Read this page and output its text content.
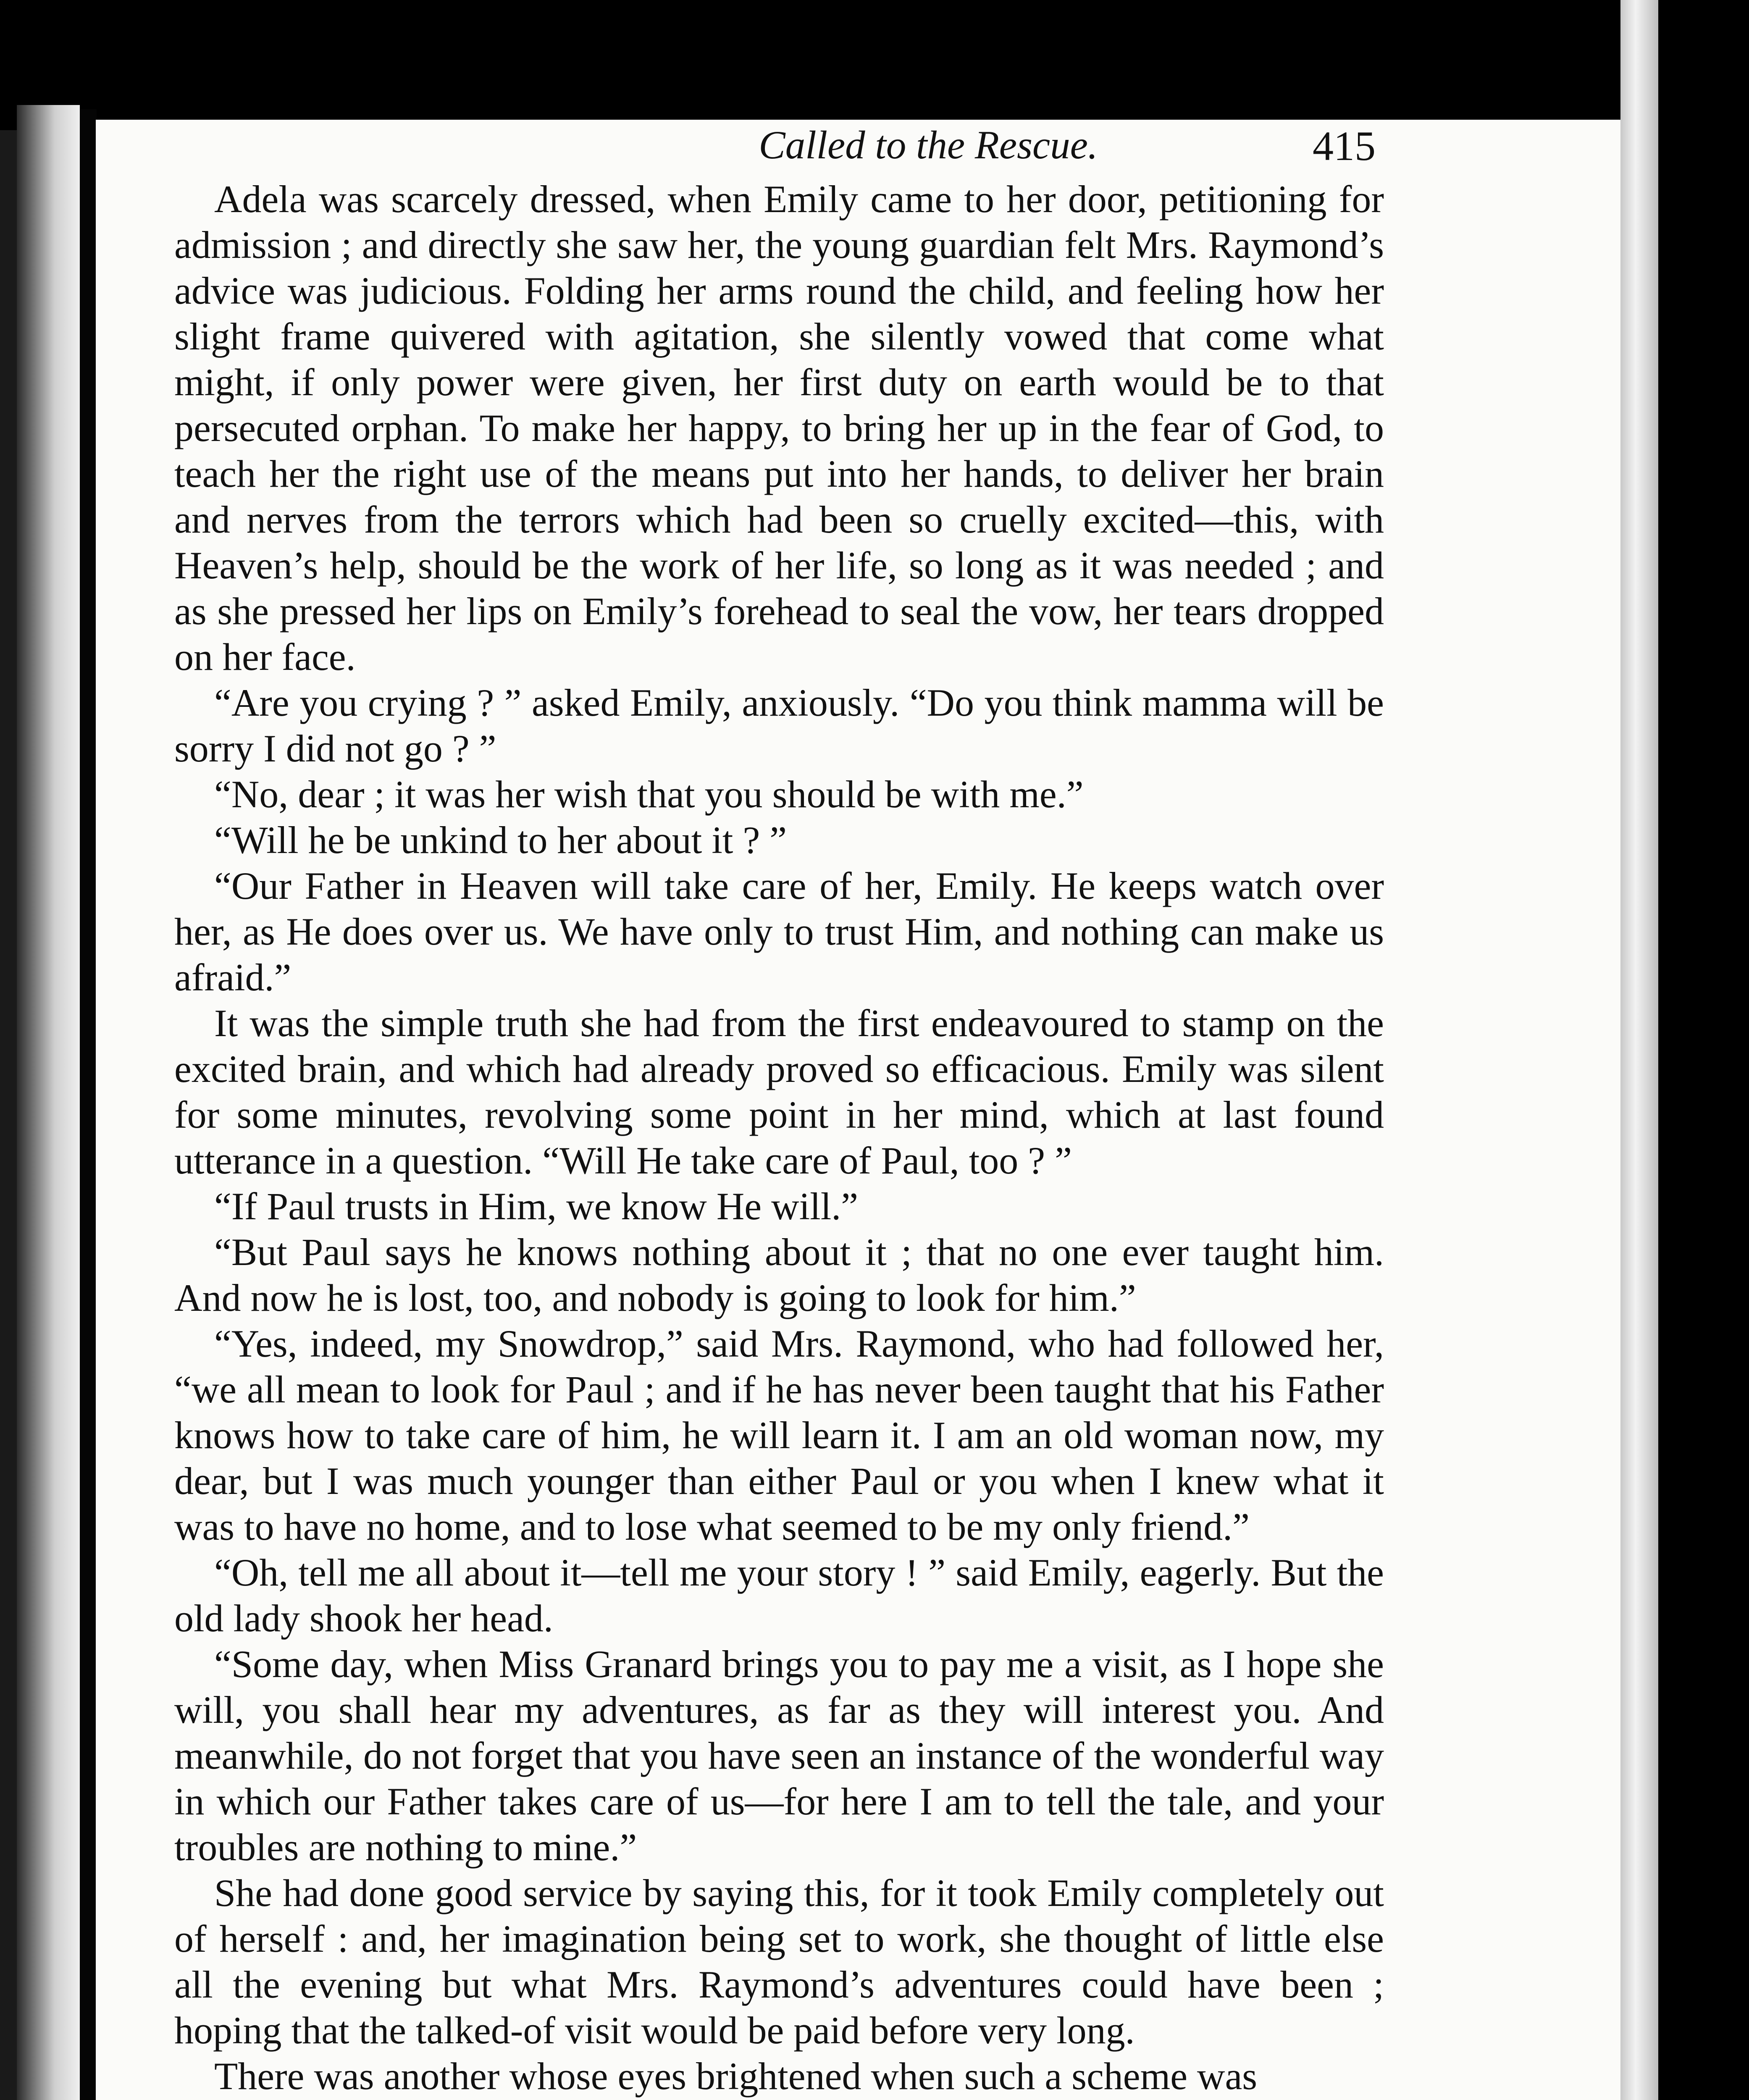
Called to the Rescue.	415

Adela was scarcely dressed, when Emily came to her door, petitioning for admission ; and directly she saw her, the young guardian felt Mrs. Raymond’s advice was judicious. Folding her arms round the child, and feeling how her slight frame quivered with agitation, she silently vowed that come what might, if only power were given, her first duty on earth would be to that persecuted orphan. To make her happy, to bring her up in the fear of God, to teach her the right use of the means put into her hands, to deliver her brain and nerves from the terrors which had been so cruelly excited—this, with Heaven’s help, should be the work of her life, so long as it was needed ; and as she pressed her lips on Emily’s forehead to seal the vow, her tears dropped on her face.

“Are you crying ? ” asked Emily, anxiously. “Do you think mamma will be sorry I did not go ? ”

“No, dear ; it was her wish that you should be with me.”

“Will he be unkind to her about it ? ”

“Our Father in Heaven will take care of her, Emily. He keeps watch over her, as He does over us. We have only to trust Him, and nothing can make us afraid.”

It was the simple truth she had from the first endeavoured to stamp on the excited brain, and which had already proved so efficacious. Emily was silent for some minutes, revolving some point in her mind, which at last found utterance in a question. “Will He take care of Paul, too ? ”

“If Paul trusts in Him, we know He will.”

“But Paul says he knows nothing about it ; that no one ever taught him. And now he is lost, too, and nobody is going to look for him.”

“Yes, indeed, my Snowdrop,” said Mrs. Raymond, who had followed her, “we all mean to look for Paul ; and if he has never been taught that his Father knows how to take care of him, he will learn it. I am an old woman now, my dear, but I was much younger than either Paul or you when I knew what it was to have no home, and to lose what seemed to be my only friend.”

“Oh, tell me all about it—tell me your story ! ” said Emily, eagerly. But the old lady shook her head.

“Some day, when Miss Granard brings you to pay me a visit, as I hope she will, you shall hear my adventures, as far as they will interest you. And meanwhile, do not forget that you have seen an instance of the wonderful way in which our Father takes care of us—for here I am to tell the tale, and your troubles are nothing to mine.”

She had done good service by saying this, for it took Emily completely out of herself : and, her imagination being set to work, she thought of little else all the evening but what Mrs. Raymond’s adventures could have been ; hoping that the talked-of visit would be paid before very long.

There was another whose eyes brightened when such a scheme was
